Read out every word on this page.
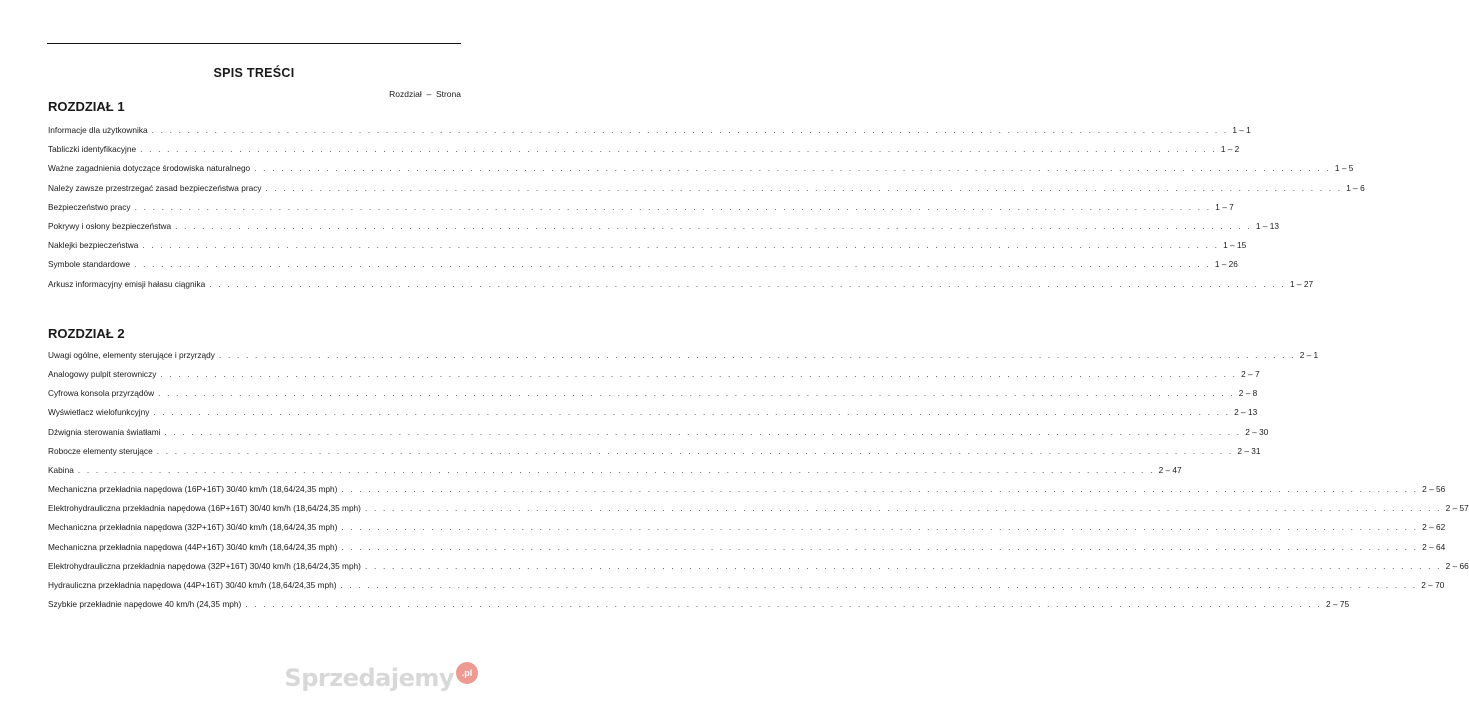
SPIS TREŚCI
Rozdział  –  Strona
ROZDZIAŁ 1
Informacje dla użytkownika . . . . . . . . . . . . . . . . . . . . . . . . . . . . . . . . . . . . . . . . . . . . . . . . . . . . . . . . . . . . . . . . . . . . . . . . . . . . . . . . . . . . . . . . . . . . . . . . . . . . . . . . . . . . . . . . . . . . . . . . 1 – 1
Tabliczki identyfikacyjne . . . . . . . . . . . . . . . . . . . . . . . . . . . . . . . . . . . . . . . . . . . . . . . . . . . . . . . . . . . . . . . . . . . . . . . . . . . . . . . . . . . . . . . . . . . . . . . . . . . . . . . . . . . . . . . . . . . . . . . . 1 – 2
Ważne zagadnienia dotyczące środowiska naturalnego . . . . . . . . . . . . . . . . . . . . . . . . . . . . . . . . . . . . . . . . . . . . . . . . . . . . . . . . . . . . . . . . . . . . . . . . . . . . . . . . . . . . . . . . . . . . . . . . . . . . . . . . . . . . . . . . . . . . . . . . 1 – 5
Należy zawsze przestrzegać zasad bezpieczeństwa pracy . . . . . . . . . . . . . . . . . . . . . . . . . . . . . . . . . . . . . . . . . . . . . . . . . . . . . . . . . . . . . . . . . . . . . . . . . . . . . . . . . . . . . . . . . . . . . . . . . . . . . . . . . . . . . . . . . . . . . . . . 1 – 6
Bezpieczeństwo pracy . . . . . . . . . . . . . . . . . . . . . . . . . . . . . . . . . . . . . . . . . . . . . . . . . . . . . . . . . . . . . . . . . . . . . . . . . . . . . . . . . . . . . . . . . . . . . . . . . . . . . . . . . . . . . . . . . . . . . . . . 1 – 7
Pokrywy i osłony bezpieczeństwa . . . . . . . . . . . . . . . . . . . . . . . . . . . . . . . . . . . . . . . . . . . . . . . . . . . . . . . . . . . . . . . . . . . . . . . . . . . . . . . . . . . . . . . . . . . . . . . . . . . . . . . . . . . . . . . . . . . . . . . . 1 – 13
Naklejki bezpieczeństwa . . . . . . . . . . . . . . . . . . . . . . . . . . . . . . . . . . . . . . . . . . . . . . . . . . . . . . . . . . . . . . . . . . . . . . . . . . . . . . . . . . . . . . . . . . . . . . . . . . . . . . . . . . . . . . . . . . . . . . . . 1 – 15
Symbole standardowe . . . . . . . . . . . . . . . . . . . . . . . . . . . . . . . . . . . . . . . . . . . . . . . . . . . . . . . . . . . . . . . . . . . . . . . . . . . . . . . . . . . . . . . . . . . . . . . . . . . . . . . . . . . . . . . . . . . . . . . . 1 – 26
Arkusz informacyjny emisji hałasu ciągnika . . . . . . . . . . . . . . . . . . . . . . . . . . . . . . . . . . . . . . . . . . . . . . . . . . . . . . . . . . . . . . . . . . . . . . . . . . . . . . . . . . . . . . . . . . . . . . . . . . . . . . . . . . . . . . . . . . . . . . . . 1 – 27
ROZDZIAŁ 2
Uwagi ogólne, elementy sterujące i przyrządy . . . . . . . . . . . . . . . . . . . . . . . . . . . . . . . . . . . . . . . . . . . . . . . . . . . . . . . . . . . . . . . . . . . . . . . . . . . . . . . . . . . . . . . . . . . . . . . . . . . . . . . . . . . . . . . . . . . . . . . . 2 – 1
Analogowy pulpit sterowniczy . . . . . . . . . . . . . . . . . . . . . . . . . . . . . . . . . . . . . . . . . . . . . . . . . . . . . . . . . . . . . . . . . . . . . . . . . . . . . . . . . . . . . . . . . . . . . . . . . . . . . . . . . . . . . . . . . . . . . . . . 2 – 7
Cyfrowa konsola przyrządów . . . . . . . . . . . . . . . . . . . . . . . . . . . . . . . . . . . . . . . . . . . . . . . . . . . . . . . . . . . . . . . . . . . . . . . . . . . . . . . . . . . . . . . . . . . . . . . . . . . . . . . . . . . . . . . . . . . . . . . . 2 – 8
Wyświetlacz wielofunkcyjny . . . . . . . . . . . . . . . . . . . . . . . . . . . . . . . . . . . . . . . . . . . . . . . . . . . . . . . . . . . . . . . . . . . . . . . . . . . . . . . . . . . . . . . . . . . . . . . . . . . . . . . . . . . . . . . . . . . . . . . . 2 – 13
Dźwignia sterowania światłami . . . . . . . . . . . . . . . . . . . . . . . . . . . . . . . . . . . . . . . . . . . . . . . . . . . . . . . . . . . . . . . . . . . . . . . . . . . . . . . . . . . . . . . . . . . . . . . . . . . . . . . . . . . . . . . . . . . . . . . . 2 – 30
Robocze elementy sterujące . . . . . . . . . . . . . . . . . . . . . . . . . . . . . . . . . . . . . . . . . . . . . . . . . . . . . . . . . . . . . . . . . . . . . . . . . . . . . . . . . . . . . . . . . . . . . . . . . . . . . . . . . . . . . . . . . . . . . . . . 2 – 31
Kabina . . . . . . . . . . . . . . . . . . . . . . . . . . . . . . . . . . . . . . . . . . . . . . . . . . . . . . . . . . . . . . . . . . . . . . . . . . . . . . . . . . . . . . . . . . . . . . . . . . . . . . . . . . . . . . . . . . . . . . . . 2 – 47
Mechaniczna przekładnia napędowa (16P+16T) 30/40 km/h (18,64/24,35 mph) . . . . . . . . . . . . . . . . . . . . . . . . . . . . . . . . . . . . . . . . . . . . . . . . . . . . . . . . . . . . . . . . . . . . . . . . . . . . . . . . . . . . . . . . . . . . . . . . . . . . . . . . . . . . . . . . . . . . . . . . 2 – 56
Elektrohydrauliczna przekładnia napędowa (16P+16T) 30/40 km/h (18,64/24,35 mph) . . . . . . . . . . . . . . . . . . . . . . . . . . . . . . . . . . . . . . . . . . . . . . . . . . . . . . . . . . . . . . . . . . . . . . . . . . . . . . . . . . . . . . . . . . . . . . . . . . . . . . . . . . . . . . . . . . . . . . . . 2 – 57
Mechaniczna przekładnia napędowa (32P+16T) 30/40 km/h (18,64/24,35 mph) . . . . . . . . . . . . . . . . . . . . . . . . . . . . . . . . . . . . . . . . . . . . . . . . . . . . . . . . . . . . . . . . . . . . . . . . . . . . . . . . . . . . . . . . . . . . . . . . . . . . . . . . . . . . . . . . . . . . . . . . 2 – 62
Mechaniczna przekładnia napędowa (44P+16T) 30/40 km/h (18,64/24,35 mph) . . . . . . . . . . . . . . . . . . . . . . . . . . . . . . . . . . . . . . . . . . . . . . . . . . . . . . . . . . . . . . . . . . . . . . . . . . . . . . . . . . . . . . . . . . . . . . . . . . . . . . . . . . . . . . . . . . . . . . . . 2 – 64
Elektrohydrauliczna przekładnia napędowa (32P+16T) 30/40 km/h (18,64/24,35 mph) . . . . . . . . . . . . . . . . . . . . . . . . . . . . . . . . . . . . . . . . . . . . . . . . . . . . . . . . . . . . . . . . . . . . . . . . . . . . . . . . . . . . . . . . . . . . . . . . . . . . . . . . . . . . . . . . . . . . . . . . 2 – 66
Hydrauliczna przekładnia napędowa (44P+16T) 30/40 km/h (18,64/24,35 mph) . . . . . . . . . . . . . . . . . . . . . . . . . . . . . . . . . . . . . . . . . . . . . . . . . . . . . . . . . . . . . . . . . . . . . . . . . . . . . . . . . . . . . . . . . . . . . . . . . . . . . . . . . . . . . . . . . . . . . . . . 2 – 70
Szybkie przekładnie napędowe 40 km/h (24,35 mph) . . . . . . . . . . . . . . . . . . . . . . . . . . . . . . . . . . . . . . . . . . . . . . . . . . . . . . . . . . . . . . . . . . . . . . . . . . . . . . . . . . . . . . . . . . . . . . . . . . . . . . . . . . . . . . . . . . . . . . . . 2 – 75
Sprzedajemy .pl
